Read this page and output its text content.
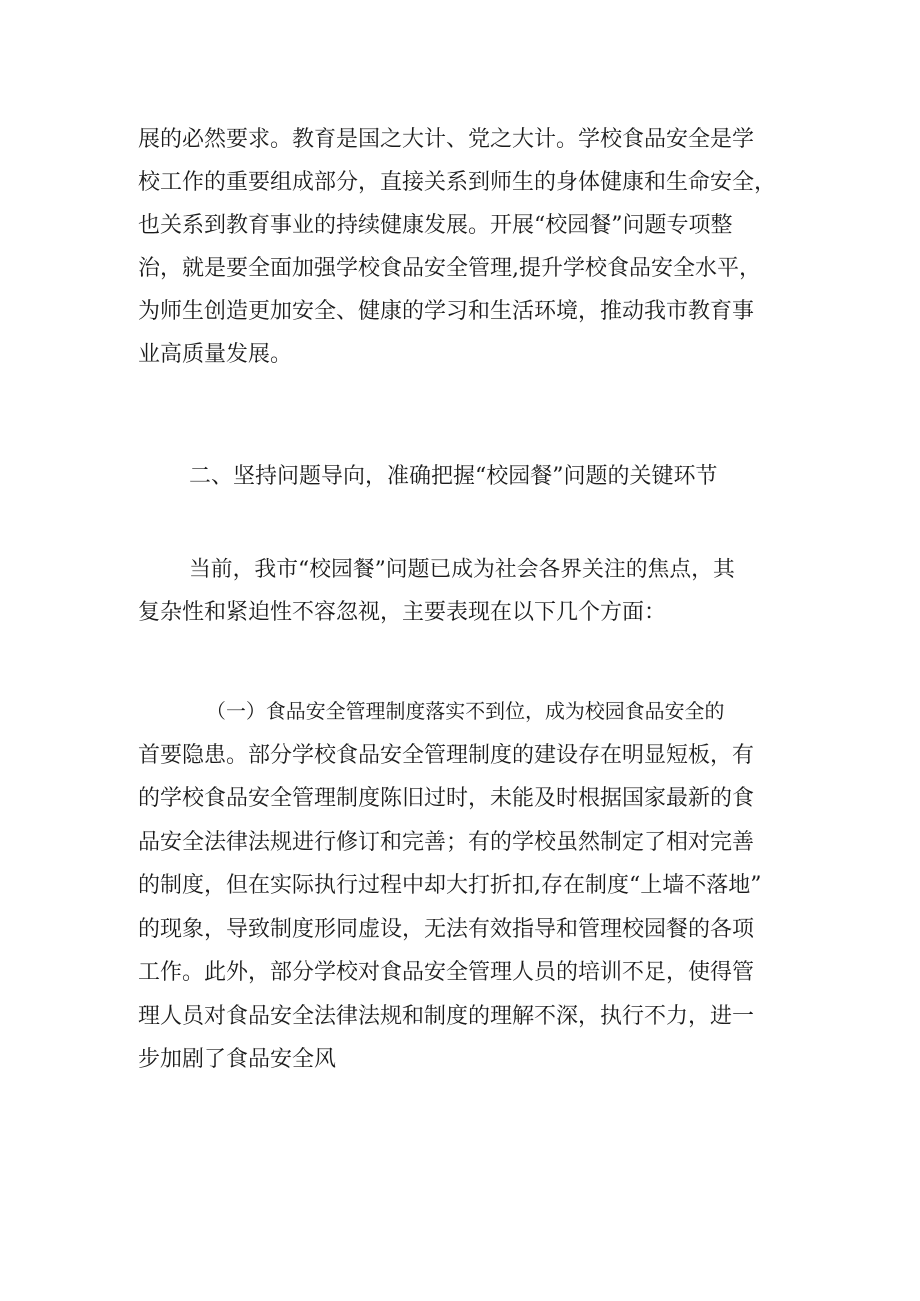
展的必然要求。教育是国之大计、党之大计。学校食品安全是学
校工作的重要组成部分，直接关系到师生的身体健康和生命安全，
也关系到教育事业的持续健康发展。开展“校园餐”问题专项整
治，就是要全面加强学校食品安全管理,提升学校食品安全水平，
为师生创造更加安全、健康的学习和生活环境，推动我市教育事
业高质量发展。
二、坚持问题导向，准确把握“校园餐”问题的关键环节
当前，我市“校园餐”问题已成为社会各界关注的焦点，其
复杂性和紧迫性不容忽视，主要表现在以下几个方面：
（一）食品安全管理制度落实不到位，成为校园食品安全的
首要隐患。部分学校食品安全管理制度的建设存在明显短板，有
的学校食品安全管理制度陈旧过时，未能及时根据国家最新的食
品安全法律法规进行修订和完善；有的学校虽然制定了相对完善
的制度，但在实际执行过程中却大打折扣,存在制度“上墙不落地”
的现象，导致制度形同虚设，无法有效指导和管理校园餐的各项
工作。此外，部分学校对食品安全管理人员的培训不足，使得管
理人员对食品安全法律法规和制度的理解不深，执行不力，进一
步加剧了食品安全风
